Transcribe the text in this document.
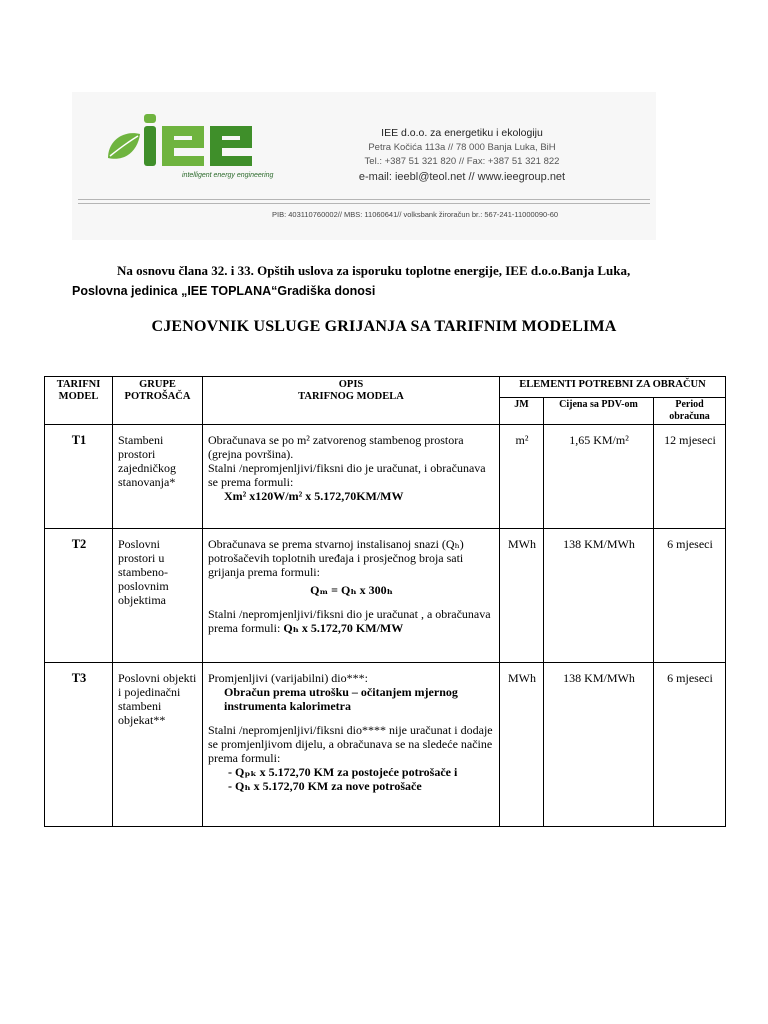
intelligent energy engineering
IEE d.o.o. za energetiku i ekologiju
Petra Kočića 113a // 78 000 Banja Luka, BiH
Tel.: +387 51 321 820 // Fax: +387 51 321 822
e-mail: ieebl@teol.net // www.ieegroup.net
PIB: 403110760002// MBS: 11060641// volksbank žiroračun br.: 567-241-11000090-60
Na osnovu člana 32. i 33. Opštih uslova za isporuku toplotne energije, IEE d.o.o.Banja Luka,
Poslovna jedinica „IEE TOPLANA“Gradiška donosi
CJENOVNIK USLUGE GRIJANJA SA TARIFNIM MODELIMA
TARIFNI MODEL	GRUPE POTROŠAČA	OPIS
TARIFNOG MODELA	ELEMENTI POTREBNI ZA OBRAČUN		
			JM	Cijena sa PDV-om	Period obračuna
T1	Stambeni prostori zajedničkog stanovanja*	Obračunava se po m² zatvorenog stambenog prostora (grejna površina).
Stalni /nepromjenljivi/fiksni dio je uračunat, i obračunava se prema formuli:
Xm² x120W/m² x 5.172,70KM/MW	m²	1,65 KM/m²	12 mjeseci
T2	Poslovni prostori u stambeno-poslovnim objektima	Obračunava se prema stvarnoj instalisanoj snazi (Qₕ) potrošačevih toplotnih uređaja i prosječnog broja sati grijanja prema formuli:
Qₘ = Qₕ x 300ₕ
Stalni /nepromjenljivi/fiksni dio je uračunat , a obračunava prema formuli: Qₕ x 5.172,70 KM/MW	MWh	138 KM/MWh	6 mjeseci
T3	Poslovni objekti i pojedinačni stambeni objekat**	Promjenljivi (varijabilni) dio***:
Obračun prema utrošku – očitanjem mjernog instrumenta kalorimetra
Stalni /nepromjenljivi/fiksni dio**** nije uračunat i dodaje se promjenljivom dijelu, a obračunava se na sledeće načine prema formuli:
- Qₚₖ x 5.172,70 KM za postojeće potrošače i
- Qₕ x 5.172,70 KM za nove potrošače	MWh	138 KM/MWh	6 mjeseci
